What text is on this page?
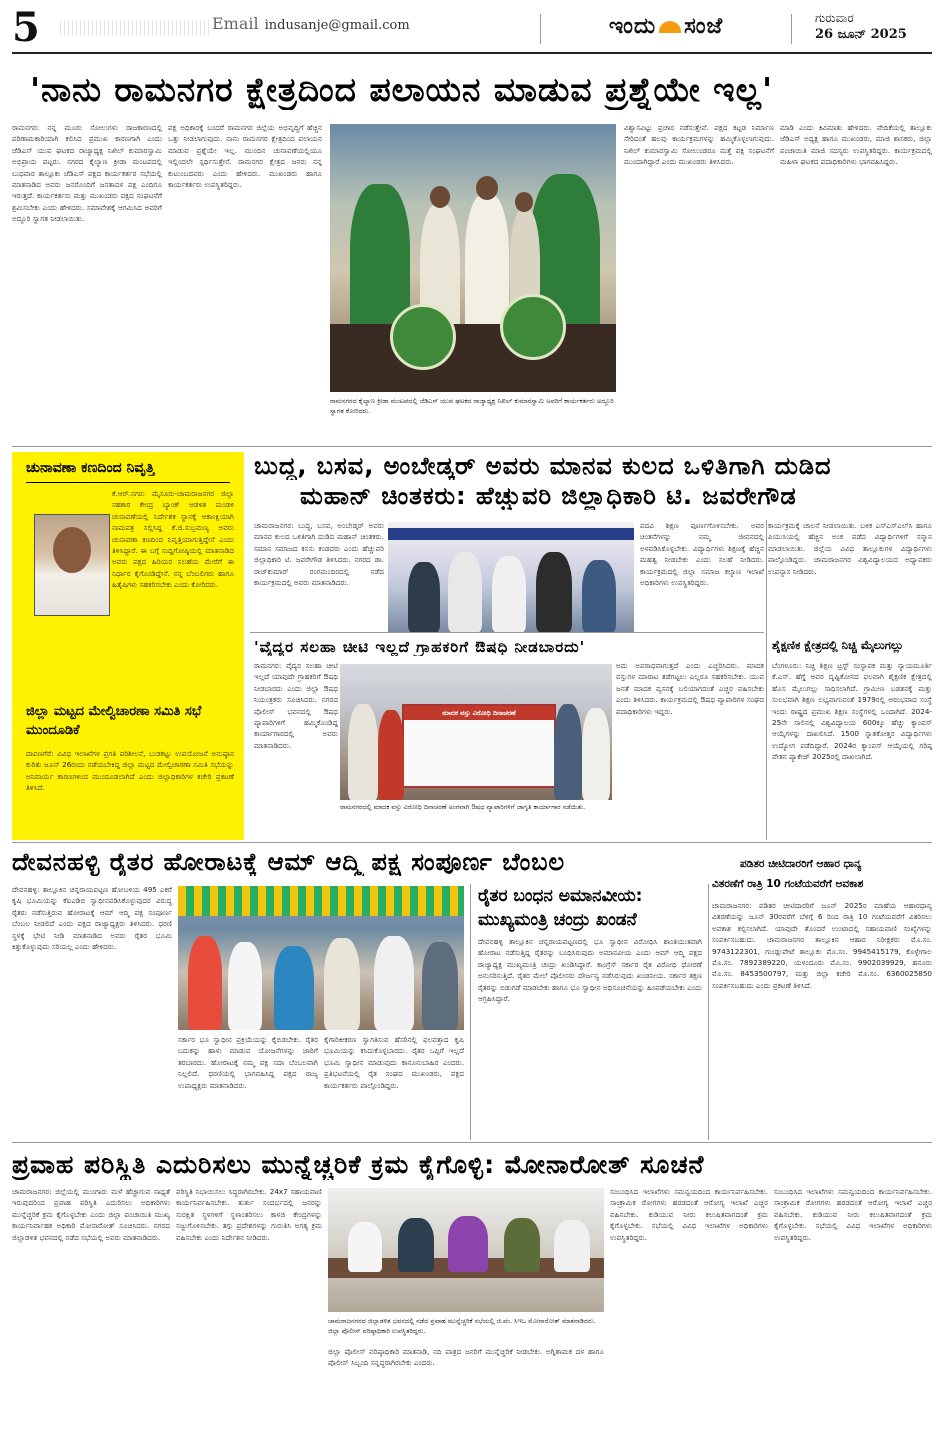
5	Email indusanje@gmail.com	ಇಂದು ಸಂಜೆ	ಗುರುವಾರ
26 ಜೂನ್ 2025
'ನಾನು ರಾಮನಗರ ಕ್ಷೇತ್ರದಿಂದ ಪಲಾಯನ ಮಾಡುವ ಪ್ರಶ್ನೆಯೇ ಇಲ್ಲ'
ರಾಮನಗರ: ನನ್ನ ಮೂರು ಸೋಲುಗಳು ರಾಜಕಾರಣದಲ್ಲಿ ಪರಿಣಾಮಕಾರಿಯಾಗಿ ಕಲಿಸಿದ ಪ್ರಮುಖ ಕಾರಣಗಾಗಿ ಎಂದು ಜೆಡಿಎಸ್ ಯುವ ಘಟಕದ ರಾಜ್ಯಾಧ್ಯಕ್ಷ ನಿಖಿಲ್ ಕುಮಾರಸ್ವಾಮಿ ಅಭಿಪ್ರಾಯ ಪಟ್ಟರು. ನಗರದ ಕೈಲ್ಯಾಣ ಕ್ರೀಡಾ ಮಂಟಪದಲ್ಲಿ ಬುಧವಾರ ತಾಲ್ಲೂಕು ಜೆಡಿಎಸ್ ಪಕ್ಷದ ಕಾರ್ಯಕರ್ತರ ಸಭೆಯಲ್ಲಿ ಮಾತನಾಡಿದ ಅವರು ಜನರೊಂದಿಗೆ ಜನತಾದಳ ಪಕ್ಷ ಎಂದಿಗೂ ಇರುತ್ತದೆ. ಕಾರ್ಯಕರ್ತರು ಮತ್ತು ಮುಖಂಡರು ಪಕ್ಷದ ಸಂಘಟನೆಗೆ ಶ್ರಮಿಸಬೇಕು ಎಂದು ಹೇಳಿದರು. ಸಮಾವೇಶಕ್ಕೆ ಆಗಮಿಸಿದ ಅವರಿಗೆ ಅದ್ದೂರಿ ಸ್ವಾಗತ ನೀಡಲಾಯಿತು.
ಪಕ್ಷ ಅಧಿಕಾರಕ್ಕೆ ಬಂದರೆ ರಾಮನಗರ ಜಿಲ್ಲೆಯ ಅಭಿವೃದ್ಧಿಗೆ ಹೆಚ್ಚಿನ ಒತ್ತು ನೀಡಲಾಗುವುದು. ನಾನು ರಾಮನಗರ ಕ್ಷೇತ್ರದಿಂದ ಪಲಾಯನ ಮಾಡುವ ಪ್ರಶ್ನೆಯೇ ಇಲ್ಲ. ಮುಂದಿನ ಚುನಾವಣೆಯಲ್ಲಿಯೂ ಇಲ್ಲಿಂದಲೇ ಸ್ಪರ್ಧಿಸುತ್ತೇನೆ. ರಾಮನಗರ ಕ್ಷೇತ್ರದ ಜನರು ನನ್ನ ಕುಟುಂಬದವರು ಎಂದು ಹೇಳಿದರು. ಮುಖಂಡರು ಹಾಗೂ ಕಾರ್ಯಕರ್ತರು ಉಪಸ್ಥಿತರಿದ್ದರು.
ರಾಮನಗರದ ಕೈಲ್ಯಾಣ ಕ್ರೀಡಾ ಮಂಟಪದಲ್ಲಿ ಜೆಡಿಎಸ್ ಯುವ ಘಟಕದ ರಾಜ್ಯಾಧ್ಯಕ್ಷ ನಿಖಿಲ್ ಕುಮಾರಸ್ವಾಮಿ ಅವರಿಗೆ ಕಾರ್ಯಕರ್ತರು ಅದ್ದೂರಿ ಸ್ವಾಗತ ಕೋರಿದರು.
ವಿಶ್ವಾಸವಿಟ್ಟು ಪ್ರಚಾರ ನಡೆಸುತ್ತೇವೆ. ಪಕ್ಷದ ಕಟ್ಟಡ ನಿರ್ಮಾಣ ಸೇರಿದಂತೆ ಹಲವು ಕಾರ್ಯಕ್ರಮಗಳನ್ನು ಹಮ್ಮಿಕೊಳ್ಳಲಾಗುವುದು. ನಿಖಿಲ್ ಕುಮಾರಸ್ವಾಮಿ ಸೋಲುಂಡರೂ ಮತ್ತೆ ಪಕ್ಷ ಸಂಘಟನೆಗೆ ಮುಂದಾಗಿದ್ದಾರೆ ಎಂದು ಮುಖಂಡರು ತಿಳಿಸಿದರು.
ಮಾಡಿ ಎಂದು ಕಿವಿಮಾತು ಹೇಳಿದರು. ವೇದಿಕೆಯಲ್ಲಿ ತಾಲ್ಲೂಕು ಜೆಡಿಎಸ್ ಅಧ್ಯಕ್ಷ ಹಾಗೂ ಮುಖಂಡರು, ಮಾಜಿ ಶಾಸಕರು, ಜಿಲ್ಲಾ ಪಂಚಾಯಿತಿ ಮಾಜಿ ಸದಸ್ಯರು ಉಪಸ್ಥಿತರಿದ್ದರು. ಕಾರ್ಯಕ್ರಮದಲ್ಲಿ ಮಹಿಳಾ ಘಟಕದ ಪದಾಧಿಕಾರಿಗಳು ಭಾಗವಹಿಸಿದ್ದರು.
ಚುನಾವಣಾ ಕಣದಿಂದ ನಿವೃತ್ತಿ
ಕೆ.ಆರ್.ನಗರ: ಮೈಸೂರು-ಚಾಮರಾಜನಗರ ಜಿಲ್ಲಾ ಸಹಕಾರ ಕೇಂದ್ರ ಬ್ಯಾಂಕ್ ಆಡಳಿತ ಮಂಡಳಿ ಚುನಾವಣೆಯಲ್ಲಿ ನಿರ್ದೇಶಕ ಸ್ಥಾನಕ್ಕೆ ಆಕಾಂಕ್ಷಿಯಾಗಿ ನಾಮಪತ್ರ ಸಲ್ಲಿಸಿದ್ದ ಕೆ.ಜಿ.ಸುಬ್ರಮಣ್ಯ ಅವರು ಚುನಾವಣಾ ಕಣದಿಂದ ನಿವೃತ್ತಿಯಾಗುತ್ತಿದ್ದೇನೆ ಎಂದು ತಿಳಿಸಿದ್ದಾರೆ. ಈ ಬಗ್ಗೆ ಸುದ್ದಿಗೋಷ್ಠಿಯಲ್ಲಿ ಮಾತನಾಡಿದ ಅವರು ಪಕ್ಷದ ಹಿರಿಯರ ಸಲಹೆಯ ಮೇರೆಗೆ ಈ ನಿರ್ಧಾರ ಕೈಗೊಂಡಿದ್ದೇನೆ. ನನ್ನ ಬೆಂಬಲಿಗರು ಹಾಗೂ ಹಿತೈಷಿಗಳು ಸಹಕರಿಸಬೇಕು ಎಂದು ಕೋರಿದರು.
ಜಿಲ್ಲಾ ಮಟ್ಟದ ಮೇಲ್ವಿಚಾರಣಾ ಸಮಿತಿ ಸಭೆ ಮುಂದೂಡಿಕೆ
ದಾವಣಗೆರೆ: ವಿವಿಧ ಇಲಾಖೆಗಳ ಪ್ರಗತಿ ಪರಿಶೀಲನೆ, ಬುಡಕಟ್ಟು ಉಪಯೋಜನೆ ಅನುಷ್ಠಾನ ಕುರಿತು ಜೂನ್ 26ರಂದು ನಡೆಯಬೇಕಿದ್ದ ಜಿಲ್ಲಾ ಮಟ್ಟದ ಮೇಲ್ವಿಚಾರಣಾ ಸಮಿತಿ ಸಭೆಯನ್ನು ಅನಿವಾರ್ಯ ಕಾರಣಗಳಿಂದ ಮುಂದೂಡಲಾಗಿದೆ ಎಂದು ಜಿಲ್ಲಾಧಿಕಾರಿಗಳ ಕಚೇರಿ ಪ್ರಕಟಣೆ ತಿಳಿಸಿದೆ.
ಬುದ್ಧ, ಬಸವ, ಅಂಬೇಡ್ಕರ್ ಅವರು ಮಾನವ ಕುಲದ ಒಳಿತಿಗಾಗಿ ದುಡಿದ
ಮಹಾನ್ ಚಿಂತಕರು: ಹೆಚ್ಚುವರಿ ಜಿಲ್ಲಾಧಿಕಾರಿ ಟಿ. ಜವರೇಗೌಡ
ಚಾಮರಾಜನಗರ: ಬುದ್ಧ, ಬಸವ, ಅಂಬೇಡ್ಕರ್ ಅವರು ಮಾನವ ಕುಲದ ಒಳಿತಿಗಾಗಿ ದುಡಿದ ಮಹಾನ್ ಚಿಂತಕರು. ಸಮಾನ ಸಮಾಜದ ಕನಸು ಕಂಡವರು ಎಂದು ಹೆಚ್ಚುವರಿ ಜಿಲ್ಲಾಧಿಕಾರಿ ಟಿ. ಜವರೇಗೌಡ ತಿಳಿಸಿದರು. ನಗರದ ಡಾ. ರಾಜ್‌ಕುಮಾರ್ ರಂಗಮಂದಿರದಲ್ಲಿ ನಡೆದ ಕಾರ್ಯಕ್ರಮದಲ್ಲಿ ಅವರು ಮಾತನಾಡಿದರು.
ಪದವಿ ಶಿಕ್ಷಣ ಪೂರ್ಣಗೊಳಿಸಬೇಕು. ಅವರ ಚಿಂತನೆಗಳನ್ನು ನಮ್ಮ ಜೀವನದಲ್ಲಿ ಅಳವಡಿಸಿಕೊಳ್ಳಬೇಕು. ವಿದ್ಯಾರ್ಥಿಗಳು ಶಿಕ್ಷಣಕ್ಕೆ ಹೆಚ್ಚಿನ ಮಹತ್ವ ನೀಡಬೇಕು ಎಂದು ಸಲಹೆ ನೀಡಿದರು. ಕಾರ್ಯಕ್ರಮದಲ್ಲಿ ಜಿಲ್ಲಾ ಸಮಾಜ ಕಲ್ಯಾಣ ಇಲಾಖೆ ಅಧಿಕಾರಿಗಳು ಉಪಸ್ಥಿತರಿದ್ದರು.
ಕಾರ್ಯಕ್ರಮಕ್ಕೆ ಚಾಲನೆ ನೀಡಲಾಯಿತು. ಬಳಿಕ ಎಸ್ಎಸ್ಎಲ್‌ಸಿ ಹಾಗೂ ಪಿಯುಸಿಯಲ್ಲಿ ಹೆಚ್ಚಿನ ಅಂಕ ಪಡೆದ ವಿದ್ಯಾರ್ಥಿಗಳಿಗೆ ಸನ್ಮಾನ ಮಾಡಲಾಯಿತು. ಜಿಲ್ಲೆಯ ವಿವಿಧ ತಾಲ್ಲೂಕುಗಳ ವಿದ್ಯಾರ್ಥಿಗಳು ಪಾಲ್ಗೊಂಡಿದ್ದರು. ಚಾಮರಾಜನಗರ ವಿಶ್ವವಿದ್ಯಾಲಯದ ಅಧ್ಯಾಪಕರು ಉಪನ್ಯಾಸ ನೀಡಿದರು.
'ವೈದ್ಯರ ಸಲಹಾ ಚೀಟಿ ಇಲ್ಲದೆ ಗ್ರಾಹಕರಿಗೆ ಔಷಧಿ ನೀಡಬಾರದು'
ರಾಮನಗರ: ವೈದ್ಯರ ಸಲಹಾ ಚೀಟಿ ಇಲ್ಲದೆ ಯಾವುದೇ ಗ್ರಾಹಕರಿಗೆ ಔಷಧಿ ನೀಡಬಾರದು ಎಂದು ಜಿಲ್ಲಾ ಔಷಧ ನಿಯಂತ್ರಕರು ಸೂಚಿಸಿದರು. ನಗರದ ಪೊಲೀಸ್ ಭವನದಲ್ಲಿ ಔಷಧ ವ್ಯಾಪಾರಿಗಳಿಗೆ ಹಮ್ಮಿಕೊಂಡಿದ್ದ ಕಾರ್ಯಾಗಾರದಲ್ಲಿ ಅವರು ಮಾತನಾಡಿದರು.
ಮಾದಕ ವಸ್ತು ವಿರೋಧಿ ದಿನಾಚರಣೆ
ರಾಮನಗರದಲ್ಲಿ ಮಾದಕ ವಸ್ತು ವಿರೋಧಿ ದಿನಾಚರಣೆ ಅಂಗವಾಗಿ ಔಷಧ ವ್ಯಾಪಾರಿಗಳಿಗೆ ಜಾಗೃತಿ ಕಾರ್ಯಾಗಾರ ನಡೆಯಿತು.
ಅದು ಅಪರಾಧವಾಗುತ್ತದೆ ಎಂದು ಎಚ್ಚರಿಸಿದರು. ಮಾದಕ ವಸ್ತುಗಳ ಮಾರಾಟ ತಡೆಗಟ್ಟಲು ಎಲ್ಲರೂ ಸಹಕರಿಸಬೇಕು. ಯುವ ಜನತೆ ಮಾದಕ ವ್ಯಸನಕ್ಕೆ ಬಲಿಯಾಗದಂತೆ ಎಚ್ಚರ ವಹಿಸಬೇಕು ಎಂದು ತಿಳಿಸಿದರು. ಕಾರ್ಯಕ್ರಮದಲ್ಲಿ ಔಷಧ ವ್ಯಾಪಾರಿಗಳ ಸಂಘದ ಪದಾಧಿಕಾರಿಗಳು ಇದ್ದರು.
ಶೈಕ್ಷಣಿಕ ಕ್ಷೇತ್ರದಲ್ಲಿ ನಿಚ್ಚಿ ಮೈಲುಗಲ್ಲು
ಬೆಂಗಳೂರು: ನಿಚ್ಚಿ ಶಿಕ್ಷಣ ಟ್ರಸ್ಟ್ ಸಂಸ್ಥಾಪಕ ಮತ್ತು ನ್ಯಾಯಮೂರ್ತಿ ಕೆ.ಎಸ್. ಹೆಗ್ಡೆ ಅವರ ದೃಷ್ಟಿಕೋನದ ಫಲವಾಗಿ ಶೈಕ್ಷಣಿಕ ಕ್ಷೇತ್ರದಲ್ಲಿ ಹೊಸ ಮೈಲುಗಲ್ಲು ಸಾಧಿಸಲಾಗಿದೆ. ಗ್ರಾಮೀಣ ಬಡತನಕ್ಕೆ ಮತ್ತು ಸುಲಭವಾಗಿ ಶಿಕ್ಷಣ ಲಭ್ಯವಾಗುವಂತೆ 1979ರಲ್ಲಿ ಆರಂಭವಾದ ಸಂಸ್ಥೆ ಇಂದು ರಾಷ್ಟ್ರದ ಪ್ರಮುಖ ಶಿಕ್ಷಣ ಸಂಸ್ಥೆಗಳಲ್ಲಿ ಒಂದಾಗಿದೆ. 2024-25ನೇ ಸಾಲಿನಲ್ಲಿ ವಿಶ್ವವಿದ್ಯಾಲಯ 600ಕ್ಕೂ ಹೆಚ್ಚು ಕ್ಯಾಂಪಸ್ ಆಯ್ಕೆಗಳನ್ನು ದಾಖಲಿಸಿದೆ. 1500 ಸ್ನಾತಕೋತ್ತರ ವಿದ್ಯಾರ್ಥಿಗಳು ಉದ್ಯೋಗ ಪಡೆದಿದ್ದಾರೆ. 2024ರ ಕ್ಯಾಂಪಸ್ ಆಯ್ಕೆಯಲ್ಲಿ ಗರಿಷ್ಠ ವೇತನ ಪ್ಯಾಕೇಜ್ 2025ರಲ್ಲಿ ದಾಖಲಾಗಿದೆ.
ದೇವನಹಳ್ಳಿ ರೈತರ ಹೋರಾಟಕ್ಕೆ ಆಮ್ ಆದ್ಮಿ ಪಕ್ಷ ಸಂಪೂರ್ಣ ಬೆಂಬಲ
ದೇವನಹಳ್ಳಿ: ತಾಲ್ಲೂಕಿನ ಚನ್ನರಾಯಪಟ್ಟಣ ಹೋಬಳಿಯ 495 ಎಕರೆ ಕೃಷಿ ಭೂಮಿಯನ್ನು ಕೆಐಎಡಿಬಿ ಸ್ವಾಧೀನಪಡಿಸಿಕೊಳ್ಳುವುದರ ವಿರುದ್ಧ ರೈತರು ನಡೆಸುತ್ತಿರುವ ಹೋರಾಟಕ್ಕೆ ಆಮ್ ಆದ್ಮಿ ಪಕ್ಷ ಸಂಪೂರ್ಣ ಬೆಂಬಲ ನೀಡಲಿದೆ ಎಂದು ಪಕ್ಷದ ರಾಜ್ಯಾಧ್ಯಕ್ಷರು ತಿಳಿಸಿದರು. ಧರಣಿ ಸ್ಥಳಕ್ಕೆ ಭೇಟಿ ನೀಡಿ ಮಾತನಾಡಿದ ಅವರು ರೈತರ ಭೂಮಿ ಕಿತ್ತುಕೊಳ್ಳುವುದು ಸರಿಯಲ್ಲ ಎಂದು ಹೇಳಿದರು.
ಸರ್ಕಾರ ಭೂ ಸ್ವಾಧೀನ ಪ್ರಕ್ರಿಯೆಯನ್ನು ಕೈಬಿಡಬೇಕು. ರೈತರ ಬದುಕನ್ನು ಹಾಳು ಮಾಡುವ ಯೋಜನೆಗಳನ್ನು ಜಾರಿಗೆ ತರಬಾರದು. ಹೋರಾಟಕ್ಕೆ ನಮ್ಮ ಪಕ್ಷ ಸದಾ ಬೆಂಬಲವಾಗಿ ನಿಲ್ಲಲಿದೆ. ಧರಣಿಯಲ್ಲಿ ಭಾಗವಹಿಸಿದ್ದ ಪಕ್ಷದ ರಾಜ್ಯ ಉಪಾಧ್ಯಕ್ಷರು ಮಾತನಾಡಿದರು.
ಕೈಗಾರಿಕೀಕರಣ ಸ್ವಾಗತಿಸುವ ಹೆಸರಿನಲ್ಲಿ ಫಲವತ್ತಾದ ಕೃಷಿ ಭೂಮಿಯನ್ನು ಕಸಿದುಕೊಳ್ಳಬಾರದು. ರೈತರ ಒಪ್ಪಿಗೆ ಇಲ್ಲದೆ ಭೂಮಿ ಸ್ವಾಧೀನ ಮಾಡುವುದು ಕಾನೂನುಬಾಹಿರ ಎಂದರು. ಪ್ರತಿಭಟನೆಯಲ್ಲಿ ರೈತ ಸಂಘದ ಮುಖಂಡರು, ಪಕ್ಷದ ಕಾರ್ಯಕರ್ತರು ಪಾಲ್ಗೊಂಡಿದ್ದರು.
ರೈತರ ಬಂಧನ ಅಮಾನವೀಯ:
ಮುಖ್ಯಮಂತ್ರಿ ಚಂದ್ರು ಖಂಡನೆ
ದೇವನಹಳ್ಳಿ ತಾಲ್ಲೂಕಿನ ಚನ್ನರಾಯಪಟ್ಟಣದಲ್ಲಿ ಭೂ ಸ್ವಾಧೀನ ವಿರೋಧಿಸಿ ಶಾಂತಿಯುತವಾಗಿ ಹೋರಾಟ ನಡೆಸುತ್ತಿದ್ದ ರೈತರನ್ನು ಬಂಧಿಸಿರುವುದು ಅಮಾನವೀಯ ಎಂದು ಆಮ್ ಆದ್ಮಿ ಪಕ್ಷದ ರಾಜ್ಯಾಧ್ಯಕ್ಷ ಮುಖ್ಯಮಂತ್ರಿ ಚಂದ್ರು ಖಂಡಿಸಿದ್ದಾರೆ. ಕಾಂಗ್ರೆಸ್ ಸರ್ಕಾರ ರೈತ ವಿರೋಧಿ ಧೋರಣೆ ಅನುಸರಿಸುತ್ತಿದೆ. ರೈತರ ಮೇಲೆ ಪೊಲೀಸರು ದೌರ್ಜನ್ಯ ನಡೆಸಿರುವುದು ಖಂಡನೀಯ. ಸರ್ಕಾರ ತಕ್ಷಣ ರೈತರನ್ನು ಬಿಡುಗಡೆ ಮಾಡಬೇಕು ಹಾಗೂ ಭೂ ಸ್ವಾಧೀನ ಅಧಿಸೂಚನೆಯನ್ನು ಹಿಂಪಡೆಯಬೇಕು ಎಂದು ಆಗ್ರಹಿಸಿದ್ದಾರೆ.
ಪಡಿತರ ಚೀಟಿದಾರರಿಗೆ ಆಹಾರ ಧಾನ್ಯ
ವಿತರಣೆಗೆ ರಾತ್ರಿ 10 ಗಂಟೆಯವರೆಗೆ ಅವಕಾಶ
ಚಾಮರಾಜನಗರ: ಪಡಿತರ ಚೀಟಿದಾರರಿಗೆ ಜೂನ್ 2025ರ ಮಾಹೆಯ ಆಹಾರಧಾನ್ಯ ವಿತರಣೆಯನ್ನು ಜೂನ್ 30ರವರೆಗೆ ಬೆಳಿಗ್ಗೆ 6 ರಿಂದ ರಾತ್ರಿ 10 ಗಂಟೆಯವರೆಗೆ ವಿತರಿಸಲು ಅವಕಾಶ ಕಲ್ಪಿಸಲಾಗಿದೆ. ಯಾವುದೇ ತೊಂದರೆ ಉಂಟಾದಲ್ಲಿ ಸಹಾಯವಾಣಿ ಸಂಖ್ಯೆಗಳನ್ನು ಸಂಪರ್ಕಿಸಬಹುದು. ಚಾಮರಾಜನಗರ ತಾಲ್ಲೂಕಿನ ಆಹಾರ ನಿರೀಕ್ಷಕರು ಮೊ.ಸಂ. 9743122301, ಗುಂಡ್ಲುಪೇಟೆ ತಾಲ್ಲೂಕು ಮೊ.ಸಂ. 9945415179, ಕೊಳ್ಳೇಗಾಲ ಮೊ.ಸಂ. 7892389220, ಯಳಂದೂರು ಮೊ.ಸಂ. 9902039929, ಹನೂರು ಮೊ.ಸಂ. 8453500797, ಮತ್ತು ಜಿಲ್ಲಾ ಕಚೇರಿ ಮೊ.ಸಂ. 6360025850 ಸಂಪರ್ಕಿಸಬಹುದು ಎಂದು ಪ್ರಕಟಣೆ ತಿಳಿಸಿದೆ.
ಪ್ರವಾಹ ಪರಿಸ್ಥಿತಿ ಎದುರಿಸಲು ಮುನ್ನೆಚ್ಚರಿಕೆ ಕ್ರಮ ಕೈಗೊಳ್ಳಿ: ಮೋನಾರೋತ್ ಸೂಚನೆ
ಚಾಮರಾಜನಗರ: ಜಿಲ್ಲೆಯಲ್ಲಿ ಮುಂಗಾರು ಮಳೆ ಹೆಚ್ಚಾಗುವ ಸಾಧ್ಯತೆ ಇರುವುದರಿಂದ ಪ್ರವಾಹ ಪರಿಸ್ಥಿತಿ ಎದುರಿಸಲು ಅಧಿಕಾರಿಗಳು ಮುನ್ನೆಚ್ಚರಿಕೆ ಕ್ರಮ ಕೈಗೊಳ್ಳಬೇಕು ಎಂದು ಜಿಲ್ಲಾ ಪಂಚಾಯಿತಿ ಮುಖ್ಯ ಕಾರ್ಯನಿರ್ವಾಹಕ ಅಧಿಕಾರಿ ಮೋನಾರೋತ್ ಸೂಚಿಸಿದರು. ನಗರದ ಜಿಲ್ಲಾಡಳಿತ ಭವನದಲ್ಲಿ ನಡೆದ ಸಭೆಯಲ್ಲಿ ಅವರು ಮಾತನಾಡಿದರು.
ಪರಿಸ್ಥಿತಿ ನಿಭಾಯಿಸಲು ಸಿದ್ಧರಾಗಿರಬೇಕು. 24x7 ಸಹಾಯವಾಣಿ ಕಾರ್ಯನಿರ್ವಹಿಸಬೇಕು. ತುರ್ತು ಸಂದರ್ಭದಲ್ಲಿ ಜನರನ್ನು ಸುರಕ್ಷಿತ ಸ್ಥಳಗಳಿಗೆ ಸ್ಥಳಾಂತರಿಸಲು ಕಾಳಜಿ ಕೇಂದ್ರಗಳನ್ನು ಸಜ್ಜುಗೊಳಿಸಬೇಕು. ತಗ್ಗು ಪ್ರದೇಶಗಳನ್ನು ಗುರುತಿಸಿ ಅಗತ್ಯ ಕ್ರಮ ವಹಿಸಬೇಕು ಎಂದು ನಿರ್ದೇಶನ ನೀಡಿದರು.
ಚಾಮರಾಜನಗರದ ಜಿಲ್ಲಾಡಳಿತ ಭವನದಲ್ಲಿ ನಡೆದ ಪ್ರವಾಹ ಮುನ್ನೆಚ್ಚರಿಕೆ ಸಭೆಯಲ್ಲಿ ಜಿ.ಪಂ. ಸಿಇಒ ಮೋನಾರೋತ್ ಮಾತನಾಡಿದರು. ಜಿಲ್ಲಾ ಪೊಲೀಸ್ ವರಿಷ್ಠಾಧಿಕಾರಿ ಉಪಸ್ಥಿತರಿದ್ದರು.
ಜಿಲ್ಲಾ ಪೊಲೀಸ್ ವರಿಷ್ಠಾಧಿಕಾರಿ ಮಾತನಾಡಿ, ನದಿ ಪಾತ್ರದ ಜನರಿಗೆ ಮುನ್ನೆಚ್ಚರಿಕೆ ನೀಡಬೇಕು. ಅಗ್ನಿಶಾಮಕ ದಳ ಹಾಗೂ ಪೊಲೀಸ್ ಸಿಬ್ಬಂದಿ ಸನ್ನದ್ಧರಾಗಿರಬೇಕು ಎಂದರು.
ಸಂಬಂಧಿಸಿದ ಇಲಾಖೆಗಳು ಸಮನ್ವಯದಿಂದ ಕಾರ್ಯನಿರ್ವಹಿಸಬೇಕು. ಸಾಂಕ್ರಾಮಿಕ ರೋಗಗಳು ಹರಡದಂತೆ ಆರೋಗ್ಯ ಇಲಾಖೆ ಎಚ್ಚರ ವಹಿಸಬೇಕು. ಕುಡಿಯುವ ನೀರು ಕಲುಷಿತವಾಗದಂತೆ ಕ್ರಮ ಕೈಗೊಳ್ಳಬೇಕು. ಸಭೆಯಲ್ಲಿ ವಿವಿಧ ಇಲಾಖೆಗಳ ಅಧಿಕಾರಿಗಳು ಉಪಸ್ಥಿತರಿದ್ದರು.
ಸಂಬಂಧಿಸಿದ ಇಲಾಖೆಗಳು ಸಮನ್ವಯದಿಂದ ಕಾರ್ಯನಿರ್ವಹಿಸಬೇಕು. ಸಾಂಕ್ರಾಮಿಕ ರೋಗಗಳು ಹರಡದಂತೆ ಆರೋಗ್ಯ ಇಲಾಖೆ ಎಚ್ಚರ ವಹಿಸಬೇಕು. ಕುಡಿಯುವ ನೀರು ಕಲುಷಿತವಾಗದಂತೆ ಕ್ರಮ ಕೈಗೊಳ್ಳಬೇಕು. ಸಭೆಯಲ್ಲಿ ವಿವಿಧ ಇಲಾಖೆಗಳ ಅಧಿಕಾರಿಗಳು ಉಪಸ್ಥಿತರಿದ್ದರು.
